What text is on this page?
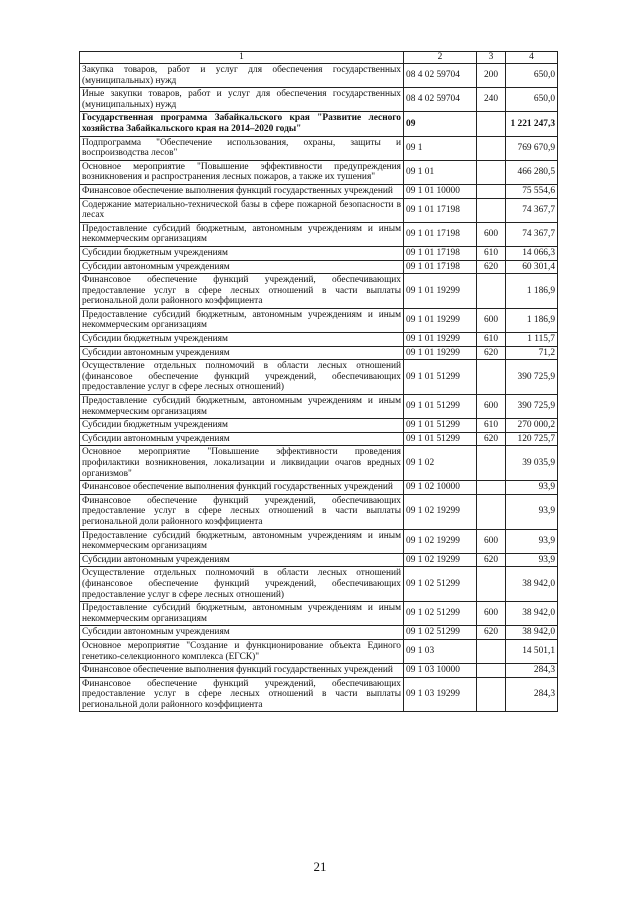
1	2	3	4
Закупка товаров, работ и услуг для обеспечения государственных (муниципальных) нужд	08 4 02 59704	200	650,0
Иные закупки товаров, работ и услуг для обеспечения государственных (муниципальных) нужд	08 4 02 59704	240	650,0
Государственная программа Забайкальского края "Развитие лесного хозяйства Забайкальского края на 2014–2020 годы"	09		1 221 247,3
Подпрограмма "Обеспечение использования, охраны, защиты и воспроизводства лесов"	09 1		769 670,9
Основное мероприятие "Повышение эффективности предупреждения возникновения и распространения лесных пожаров, а также их тушения"	09 1 01		466 280,5
Финансовое обеспечение выполнения функций государственных учреждений	09 1 01 10000		75 554,6
Содержание материально-технической базы в сфере пожарной безопасности в лесах	09 1 01 17198		74 367,7
Предоставление субсидий бюджетным, автономным учреждениям и иным некоммерческим организациям	09 1 01 17198	600	74 367,7
Субсидии бюджетным учреждениям	09 1 01 17198	610	14 066,3
Субсидии автономным учреждениям	09 1 01 17198	620	60 301,4
Финансовое обеспечение функций учреждений, обеспечивающих предоставление услуг в сфере лесных отношений в части выплаты региональной доли районного коэффициента	09 1 01 19299		1 186,9
Предоставление субсидий бюджетным, автономным учреждениям и иным некоммерческим организациям	09 1 01 19299	600	1 186,9
Субсидии бюджетным учреждениям	09 1 01 19299	610	1 115,7
Субсидии автономным учреждениям	09 1 01 19299	620	71,2
Осуществление отдельных полномочий в области лесных отношений (финансовое обеспечение функций учреждений, обеспечивающих предоставление услуг в сфере лесных отношений)	09 1 01 51299		390 725,9
Предоставление субсидий бюджетным, автономным учреждениям и иным некоммерческим организациям	09 1 01 51299	600	390 725,9
Субсидии бюджетным учреждениям	09 1 01 51299	610	270 000,2
Субсидии автономным учреждениям	09 1 01 51299	620	120 725,7
Основное мероприятие "Повышение эффективности проведения профилактики возникновения, локализации и ликвидации очагов вредных организмов"	09 1 02		39 035,9
Финансовое обеспечение выполнения функций государственных учреждений	09 1 02 10000		93,9
Финансовое обеспечение функций учреждений, обеспечивающих предоставление услуг в сфере лесных отношений в части выплаты региональной доли районного коэффициента	09 1 02 19299		93,9
Предоставление субсидий бюджетным, автономным учреждениям и иным некоммерческим организациям	09 1 02 19299	600	93,9
Субсидии автономным учреждениям	09 1 02 19299	620	93,9
Осуществление отдельных полномочий в области лесных отношений (финансовое обеспечение функций учреждений, обеспечивающих предоставление услуг в сфере лесных отношений)	09 1 02 51299		38 942,0
Предоставление субсидий бюджетным, автономным учреждениям и иным некоммерческим организациям	09 1 02 51299	600	38 942,0
Субсидии автономным учреждениям	09 1 02 51299	620	38 942,0
Основное мероприятие "Создание и функционирование объекта Единого генетико-селекционного комплекса (ЕГСК)"	09 1 03		14 501,1
Финансовое обеспечение выполнения функций государственных учреждений	09 1 03 10000		284,3
Финансовое обеспечение функций учреждений, обеспечивающих предоставление услуг в сфере лесных отношений в части выплаты региональной доли районного коэффициента	09 1 03 19299		284,3
21
